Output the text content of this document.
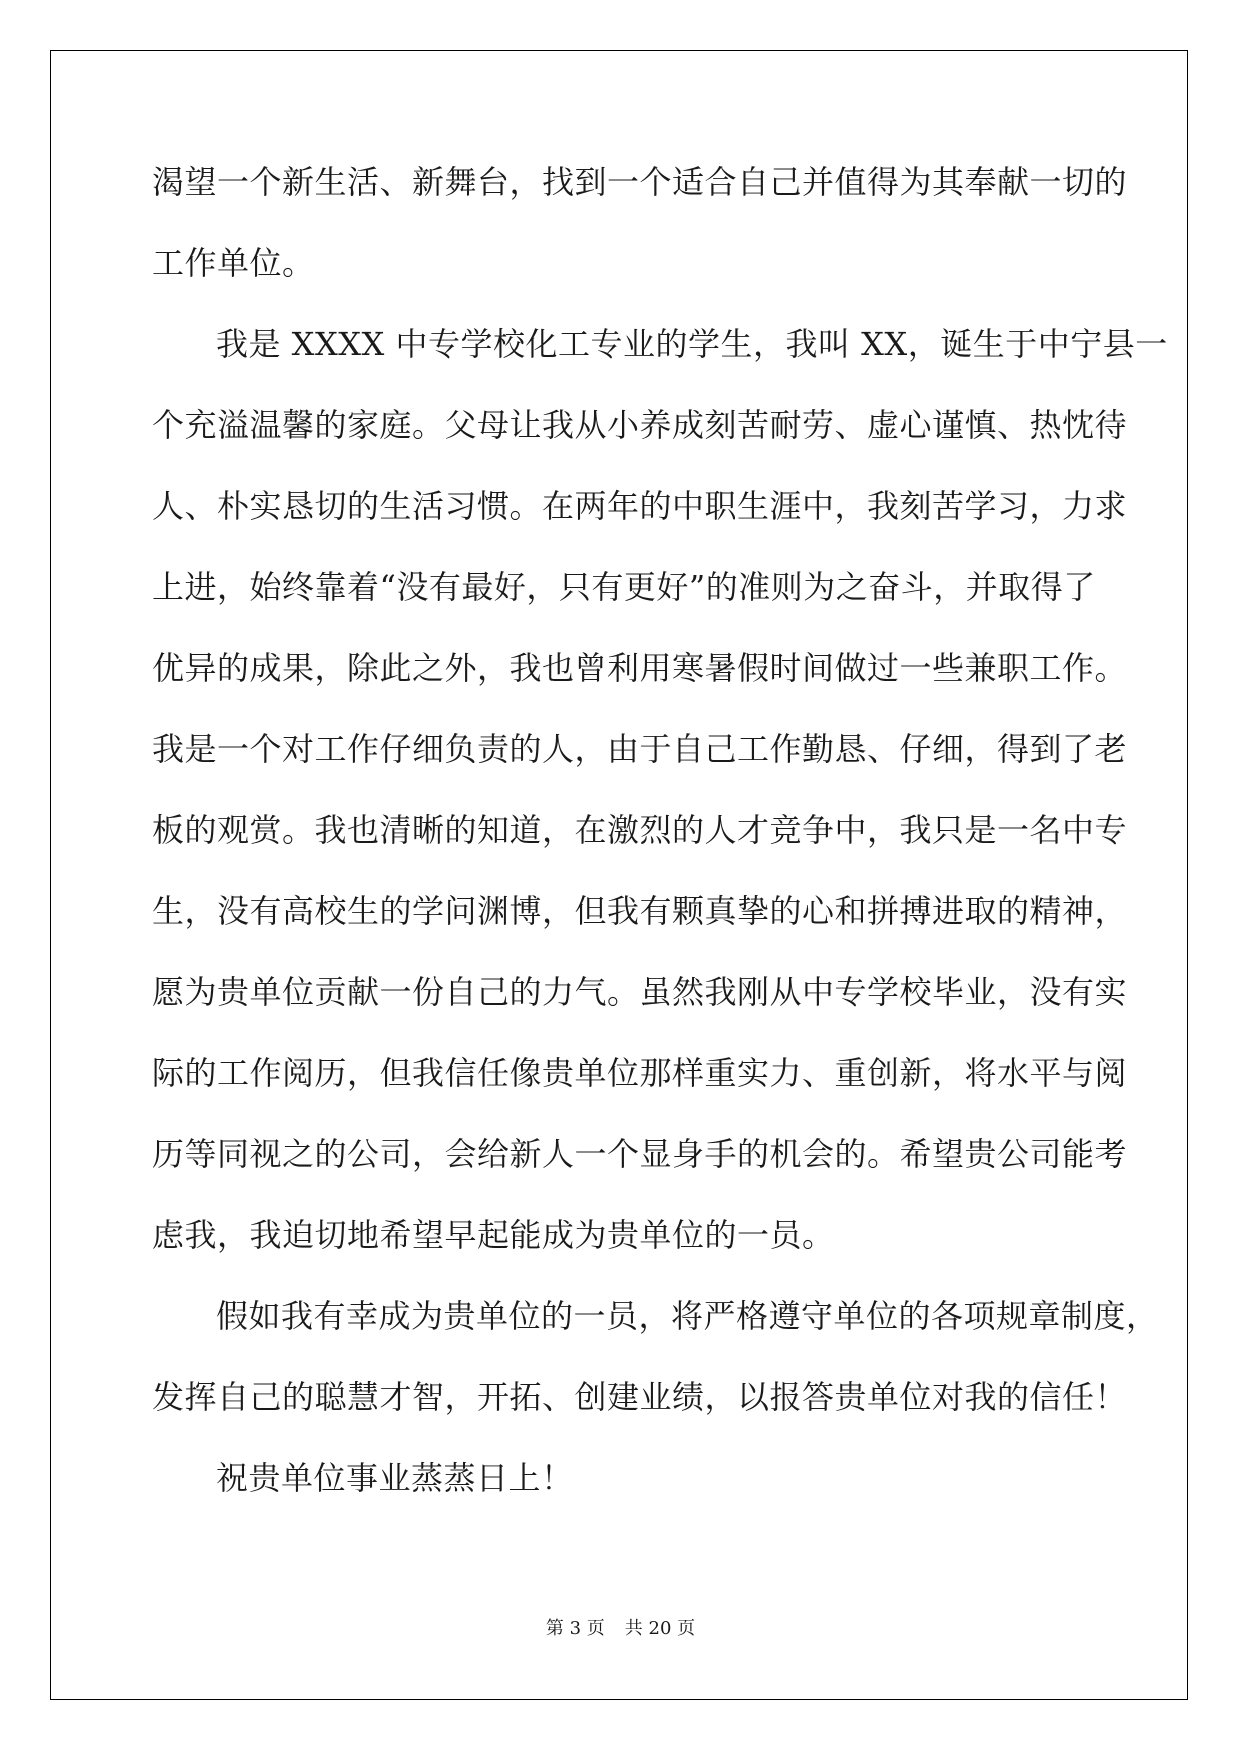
渴望一个新生活、新舞台，找到一个适合自己并值得为其奉献一切的
工作单位。
我是 XXXX 中专学校化工专业的学生，我叫 XX，诞生于中宁县一
个充溢温馨的家庭。父母让我从小养成刻苦耐劳、虚心谨慎、热忱待
人、朴实恳切的生活习惯。在两年的中职生涯中，我刻苦学习，力求
上进，始终靠着“没有最好，只有更好”的准则为之奋斗，并取得了
优异的成果，除此之外，我也曾利用寒暑假时间做过一些兼职工作。
我是一个对工作仔细负责的人，由于自己工作勤恳、仔细，得到了老
板的观赏。我也清晰的知道，在激烈的人才竞争中，我只是一名中专
生，没有高校生的学问渊博，但我有颗真挚的心和拼搏进取的精神，
愿为贵单位贡献一份自己的力气。虽然我刚从中专学校毕业，没有实
际的工作阅历，但我信任像贵单位那样重实力、重创新，将水平与阅
历等同视之的公司，会给新人一个显身手的机会的。希望贵公司能考
虑我，我迫切地希望早起能成为贵单位的一员。
假如我有幸成为贵单位的一员，将严格遵守单位的各项规章制度，
发挥自己的聪慧才智，开拓、创建业绩，以报答贵单位对我的信任！
祝贵单位事业蒸蒸日上！
第 3 页 共 20 页
